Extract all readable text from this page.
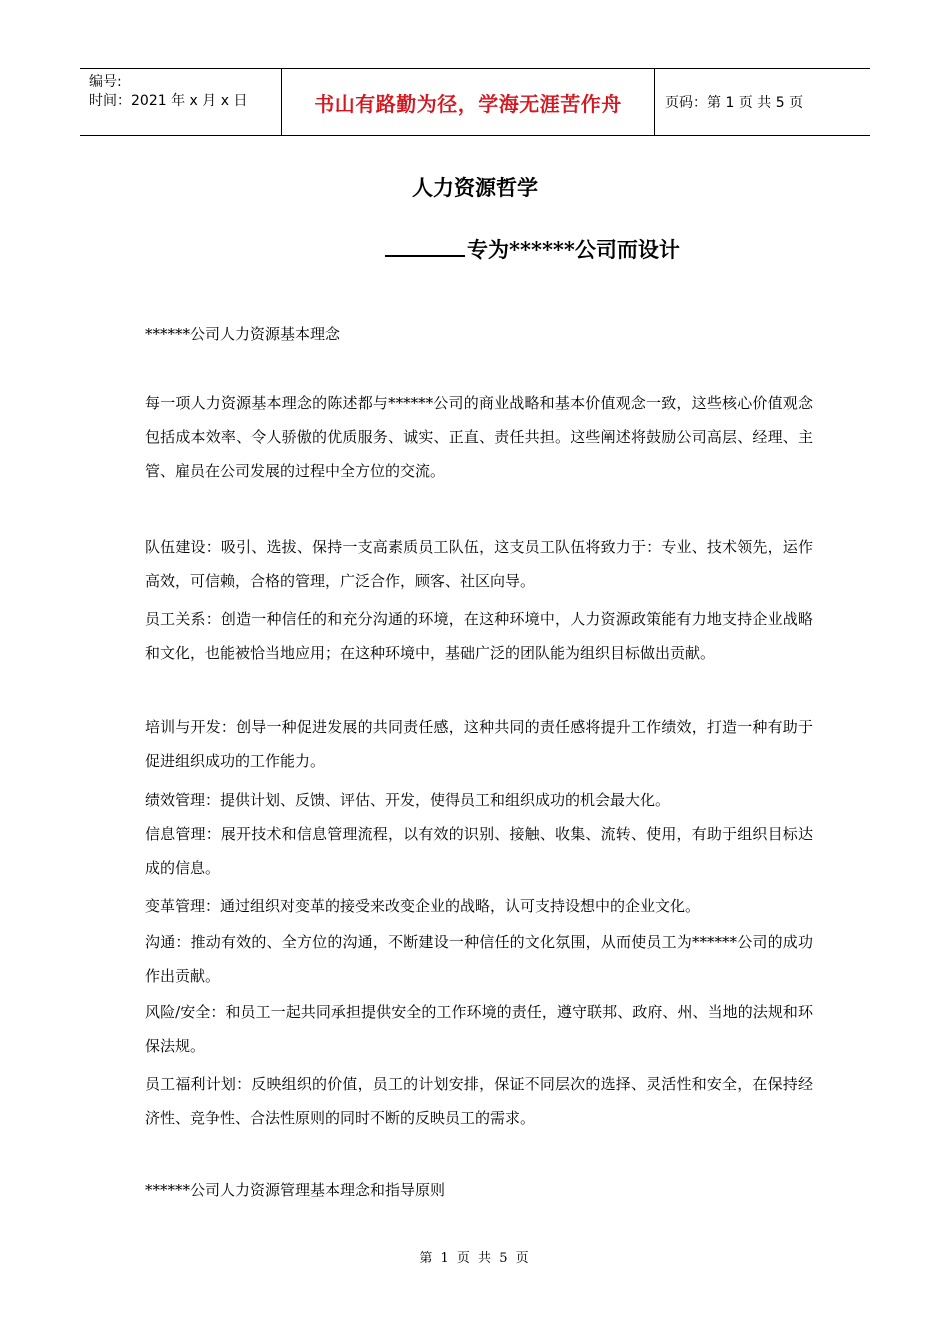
编号:
时间：2021 年 x 月 x 日	书山有路勤为径，学海无涯苦作舟	页码：第 1 页 共 5 页
人力资源哲学
专为******公司而设计
******公司人力资源基本理念
每一项人力资源基本理念的陈述都与******公司的商业战略和基本价值观念一致，这些核心价值观念包括成本效率、令人骄傲的优质服务、诚实、正直、责任共担。这些阐述将鼓励公司高层、经理、主管、雇员在公司发展的过程中全方位的交流。
队伍建设：吸引、选拔、保持一支高素质员工队伍，这支员工队伍将致力于：专业、技术领先，运作高效，可信赖，合格的管理，广泛合作，顾客、社区向导。
员工关系：创造一种信任的和充分沟通的环境，在这种环境中，人力资源政策能有力地支持企业战略和文化，也能被恰当地应用；在这种环境中，基础广泛的团队能为组织目标做出贡献。
培训与开发：创导一种促进发展的共同责任感，这种共同的责任感将提升工作绩效，打造一种有助于促进组织成功的工作能力。
绩效管理：提供计划、反馈、评估、开发，使得员工和组织成功的机会最大化。
信息管理：展开技术和信息管理流程，以有效的识别、接触、收集、流转、使用，有助于组织目标达成的信息。
变革管理：通过组织对变革的接受来改变企业的战略，认可支持设想中的企业文化。
沟通：推动有效的、全方位的沟通，不断建设一种信任的文化氛围，从而使员工为******公司的成功作出贡献。
风险/安全：和员工一起共同承担提供安全的工作环境的责任，遵守联邦、政府、州、当地的法规和环保法规。
员工福利计划：反映组织的价值，员工的计划安排，保证不同层次的选择、灵活性和安全，在保持经济性、竞争性、合法性原则的同时不断的反映员工的需求。
******公司人力资源管理基本理念和指导原则
第 1 页 共 5 页
